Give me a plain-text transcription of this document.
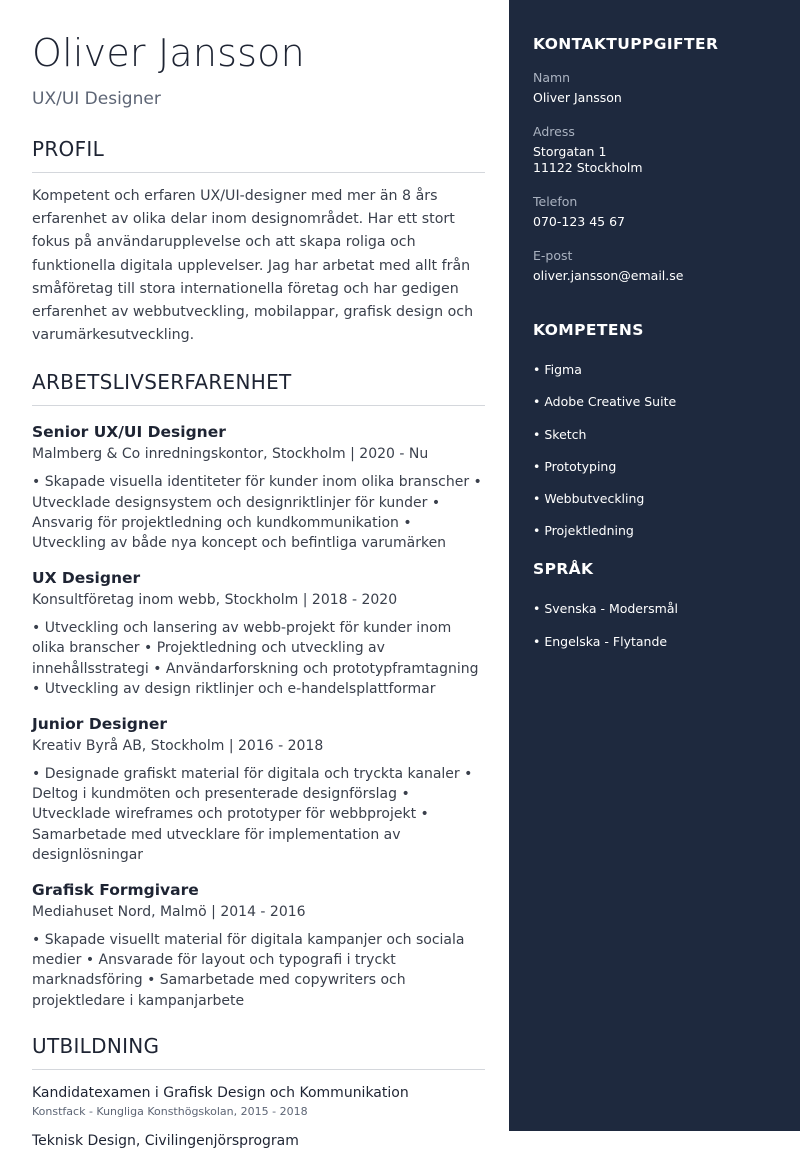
Oliver Jansson
UX/UI Designer
PROFIL

Kompetent och erfaren UX/UI-designer med mer än 8 års erfarenhet av olika delar inom designområdet. Har ett stort fokus på användarupplevelse och att skapa roliga och funktionella digitala upplevelser. Jag har arbetat med allt från småföretag till stora internationella företag och har gedigen erfarenhet av webbutveckling, mobilappar, grafisk design och varumärkesutveckling.

ARBETSLIVSERFARENHET
Senior UX/UI Designer
Malmberg & Co inredningskontor, Stockholm | 2020 - Nu
• Skapade visuella identiteter för kunder inom olika branscher • Utvecklade designsystem och designriktlinjer för kunder • Ansvarig för projektledning och kundkommunikation • Utveckling av både nya koncept och befintliga varumärken
UX Designer
Konsultföretag inom webb, Stockholm | 2018 - 2020
• Utveckling och lansering av webb-projekt för kunder inom olika branscher • Projektledning och utveckling av innehållsstrategi • Användarforskning och prototypframtagning • Utveckling av design riktlinjer och e-handelsplattformar
Junior Designer
Kreativ Byrå AB, Stockholm | 2016 - 2018
• Designade grafiskt material för digitala och tryckta kanaler • Deltog i kundmöten och presenterade designförslag • Utvecklade wireframes och prototyper för webbprojekt • Samarbetade med utvecklare för implementation av designlösningar
Grafisk Formgivare
Mediahuset Nord, Malmö | 2014 - 2016
• Skapade visuellt material för digitala kampanjer och sociala medier • Ansvarade för layout och typografi i tryckt marknadsföring • Samarbetade med copywriters och projektledare i kampanjarbete
UTBILDNING
Kandidatexamen i Grafisk Design och Kommunikation
Konstfack - Kungliga Konsthögskolan, 2015 - 2018
Teknisk Design, Civilingenjörsprogram
KONTAKTUPPGIFTER
Namn
Oliver Jansson
Adress
Storgatan 1
11122 Stockholm
Telefon
070-123 45 67
E-post
oliver.jansson@email.se
KOMPETENS
• Figma
• Adobe Creative Suite
• Sketch
• Prototyping
• Webbutveckling
• Projektledning
SPRÅK
• Svenska - Modersmål
• Engelska - Flytande
